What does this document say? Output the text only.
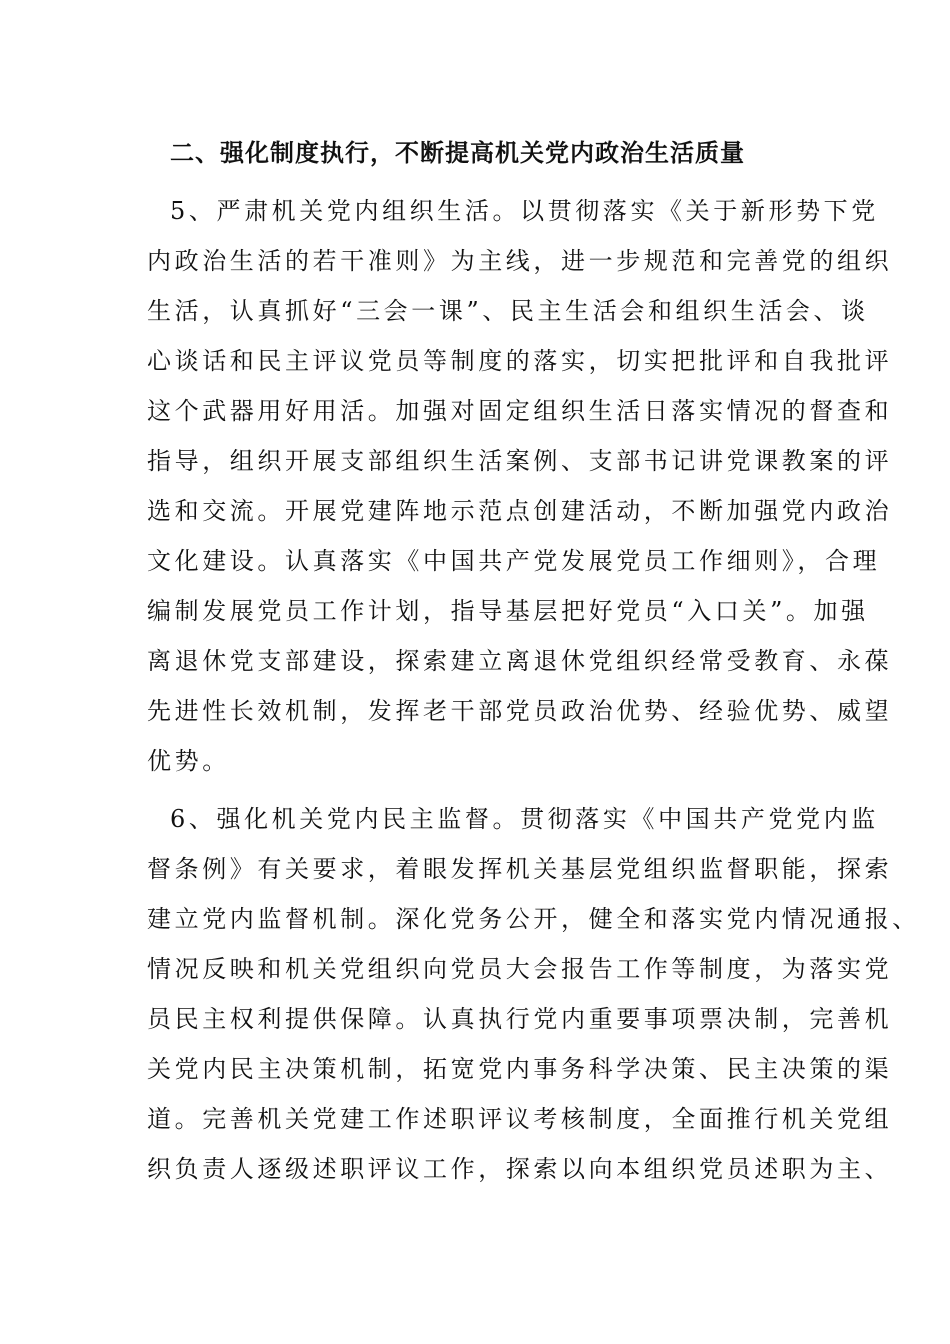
二、强化制度执行，不断提高机关党内政治生活质量
5、严肃机关党内组织生活。以贯彻落实《关于新形势下党
内政治生活的若干准则》为主线，进一步规范和完善党的组织
生活，认真抓好“三会一课”、民主生活会和组织生活会、谈
心谈话和民主评议党员等制度的落实，切实把批评和自我批评
这个武器用好用活。加强对固定组织生活日落实情况的督查和
指导，组织开展支部组织生活案例、支部书记讲党课教案的评
选和交流。开展党建阵地示范点创建活动，不断加强党内政治
文化建设。认真落实《中国共产党发展党员工作细则》，合理
编制发展党员工作计划，指导基层把好党员“入口关”。加强
离退休党支部建设，探索建立离退休党组织经常受教育、永葆
先进性长效机制，发挥老干部党员政治优势、经验优势、威望
优势。
6、强化机关党内民主监督。贯彻落实《中国共产党党内监
督条例》有关要求，着眼发挥机关基层党组织监督职能，探索
建立党内监督机制。深化党务公开，健全和落实党内情况通报、
情况反映和机关党组织向党员大会报告工作等制度，为落实党
员民主权利提供保障。认真执行党内重要事项票决制，完善机
关党内民主决策机制，拓宽党内事务科学决策、民主决策的渠
道。完善机关党建工作述职评议考核制度，全面推行机关党组
织负责人逐级述职评议工作，探索以向本组织党员述职为主、
